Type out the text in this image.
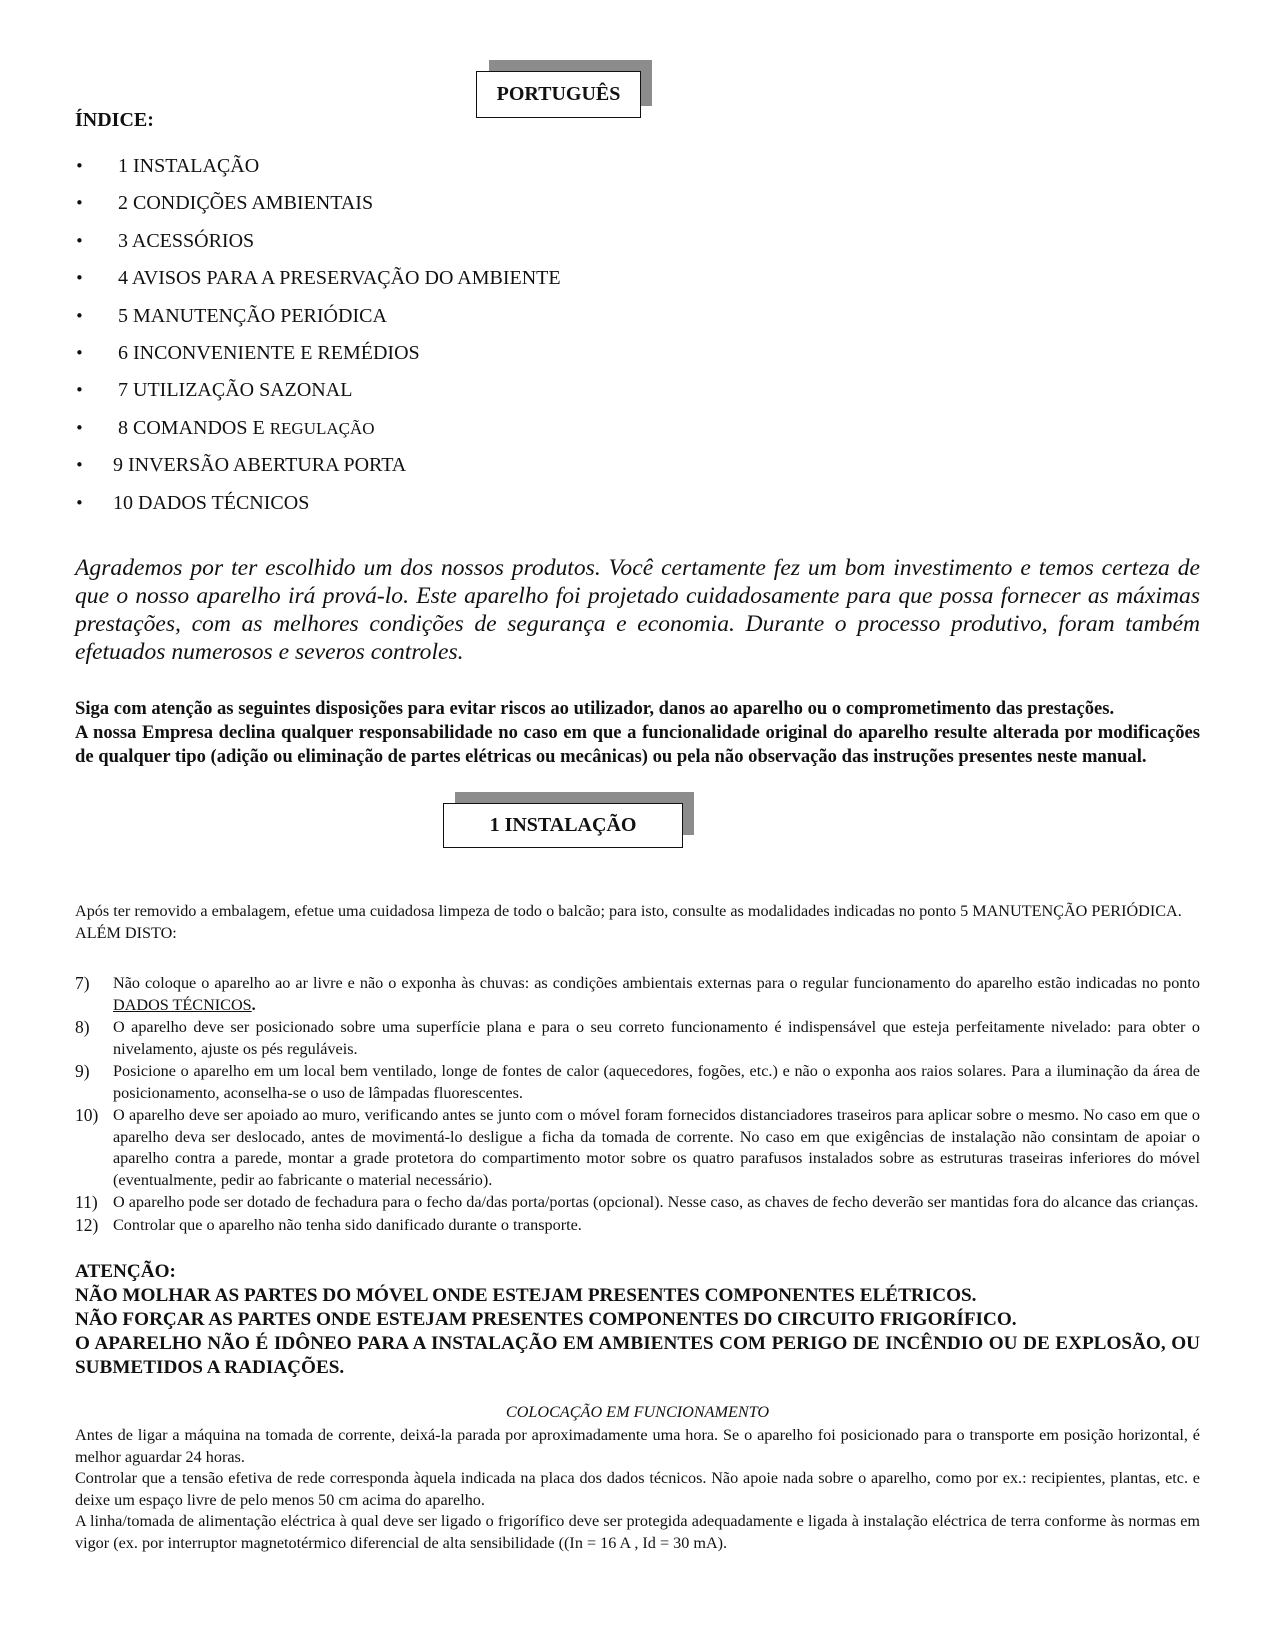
PORTUGUÊS
ÍNDICE:
• 1 INSTALAÇÃO
• 2 CONDIÇÕES AMBIENTAIS
• 3 ACESSÓRIOS
• 4 AVISOS PARA A PRESERVAÇÃO DO AMBIENTE
• 5 MANUTENÇÃO PERIÓDICA
• 6 INCONVENIENTE E REMÉDIOS
• 7 UTILIZAÇÃO SAZONAL
• 8 COMANDOS E REGULAÇÃO
• 9 INVERSÃO ABERTURA PORTA
• 10 DADOS TÉCNICOS

Agrademos por ter escolhido um dos nossos produtos. Você certamente fez um bom investimento e temos certeza de que o nosso aparelho irá prová-lo. Este aparelho foi projetado cuidadosamente para que possa fornecer as máximas prestações, com as melhores condições de segurança e economia. Durante o processo produtivo, foram também efetuados numerosos e severos controles.

Siga com atenção as seguintes disposições para evitar riscos ao utilizador, danos ao aparelho ou o comprometimento das prestações.

A nossa Empresa declina qualquer responsabilidade no caso em que a funcionalidade original do aparelho resulte alterada por modificações de qualquer tipo (adição ou eliminação de partes elétricas ou mecânicas) ou pela não observação das instruções presentes neste manual.

1 INSTALAÇÃO

Após ter removido a embalagem, efetue uma cuidadosa limpeza de todo o balcão; para isto, consulte as modalidades indicadas no ponto 5 MANUTENÇÃO PERIÓDICA.

ALÉM DISTO:

7) Não coloque o aparelho ao ar livre e não o exponha às chuvas: as condições ambientais externas para o regular funcionamento do aparelho estão indicadas no ponto DADOS TÉCNICOS.
8) O aparelho deve ser posicionado sobre uma superfície plana e para o seu correto funcionamento é indispensável que esteja perfeitamente nivelado: para obter o nivelamento, ajuste os pés reguláveis.
9) Posicione o aparelho em um local bem ventilado, longe de fontes de calor (aquecedores, fogões, etc.) e não o exponha aos raios solares. Para a iluminação da área de posicionamento, aconselha-se o uso de lâmpadas fluorescentes.
10) O aparelho deve ser apoiado ao muro, verificando antes se junto com o móvel foram fornecidos distanciadores traseiros para aplicar sobre o mesmo. No caso em que o aparelho deva ser deslocado, antes de movimentá-lo desligue a ficha da tomada de corrente. No caso em que exigências de instalação não consintam de apoiar o aparelho contra a parede, montar a grade protetora do compartimento motor sobre os quatro parafusos instalados sobre as estruturas traseiras inferiores do móvel (eventualmente, pedir ao fabricante o material necessário).
11) O aparelho pode ser dotado de fechadura para o fecho da/das porta/portas (opcional). Nesse caso, as chaves de fecho deverão ser mantidas fora do alcance das crianças.
12) Controlar que o aparelho não tenha sido danificado durante o transporte.

ATENÇÃO:

NÃO MOLHAR AS PARTES DO MÓVEL ONDE ESTEJAM PRESENTES COMPONENTES ELÉTRICOS.

NÃO FORÇAR AS PARTES ONDE ESTEJAM PRESENTES COMPONENTES DO CIRCUITO FRIGORÍFICO.

O APARELHO NÃO É IDÔNEO PARA A INSTALAÇÃO EM AMBIENTES COM PERIGO DE INCÊNDIO OU DE EXPLOSÃO, OU SUBMETIDOS A RADIAÇÕES.

COLOCAÇÃO EM FUNCIONAMENTO

Antes de ligar a máquina na tomada de corrente, deixá-la parada por aproximadamente uma hora. Se o aparelho foi posicionado para o transporte em posição horizontal, é melhor aguardar 24 horas.

Controlar que a tensão efetiva de rede corresponda àquela indicada na placa dos dados técnicos. Não apoie nada sobre o aparelho, como por ex.: recipientes, plantas, etc. e deixe um espaço livre de pelo menos 50 cm acima do aparelho.

A linha/tomada de alimentação eléctrica à qual deve ser ligado o frigorífico deve ser protegida adequadamente e ligada à instalação eléctrica de terra conforme às normas em vigor (ex. por interruptor magnetotérmico diferencial de alta sensibilidade ((In = 16 A , Id = 30 mA).
